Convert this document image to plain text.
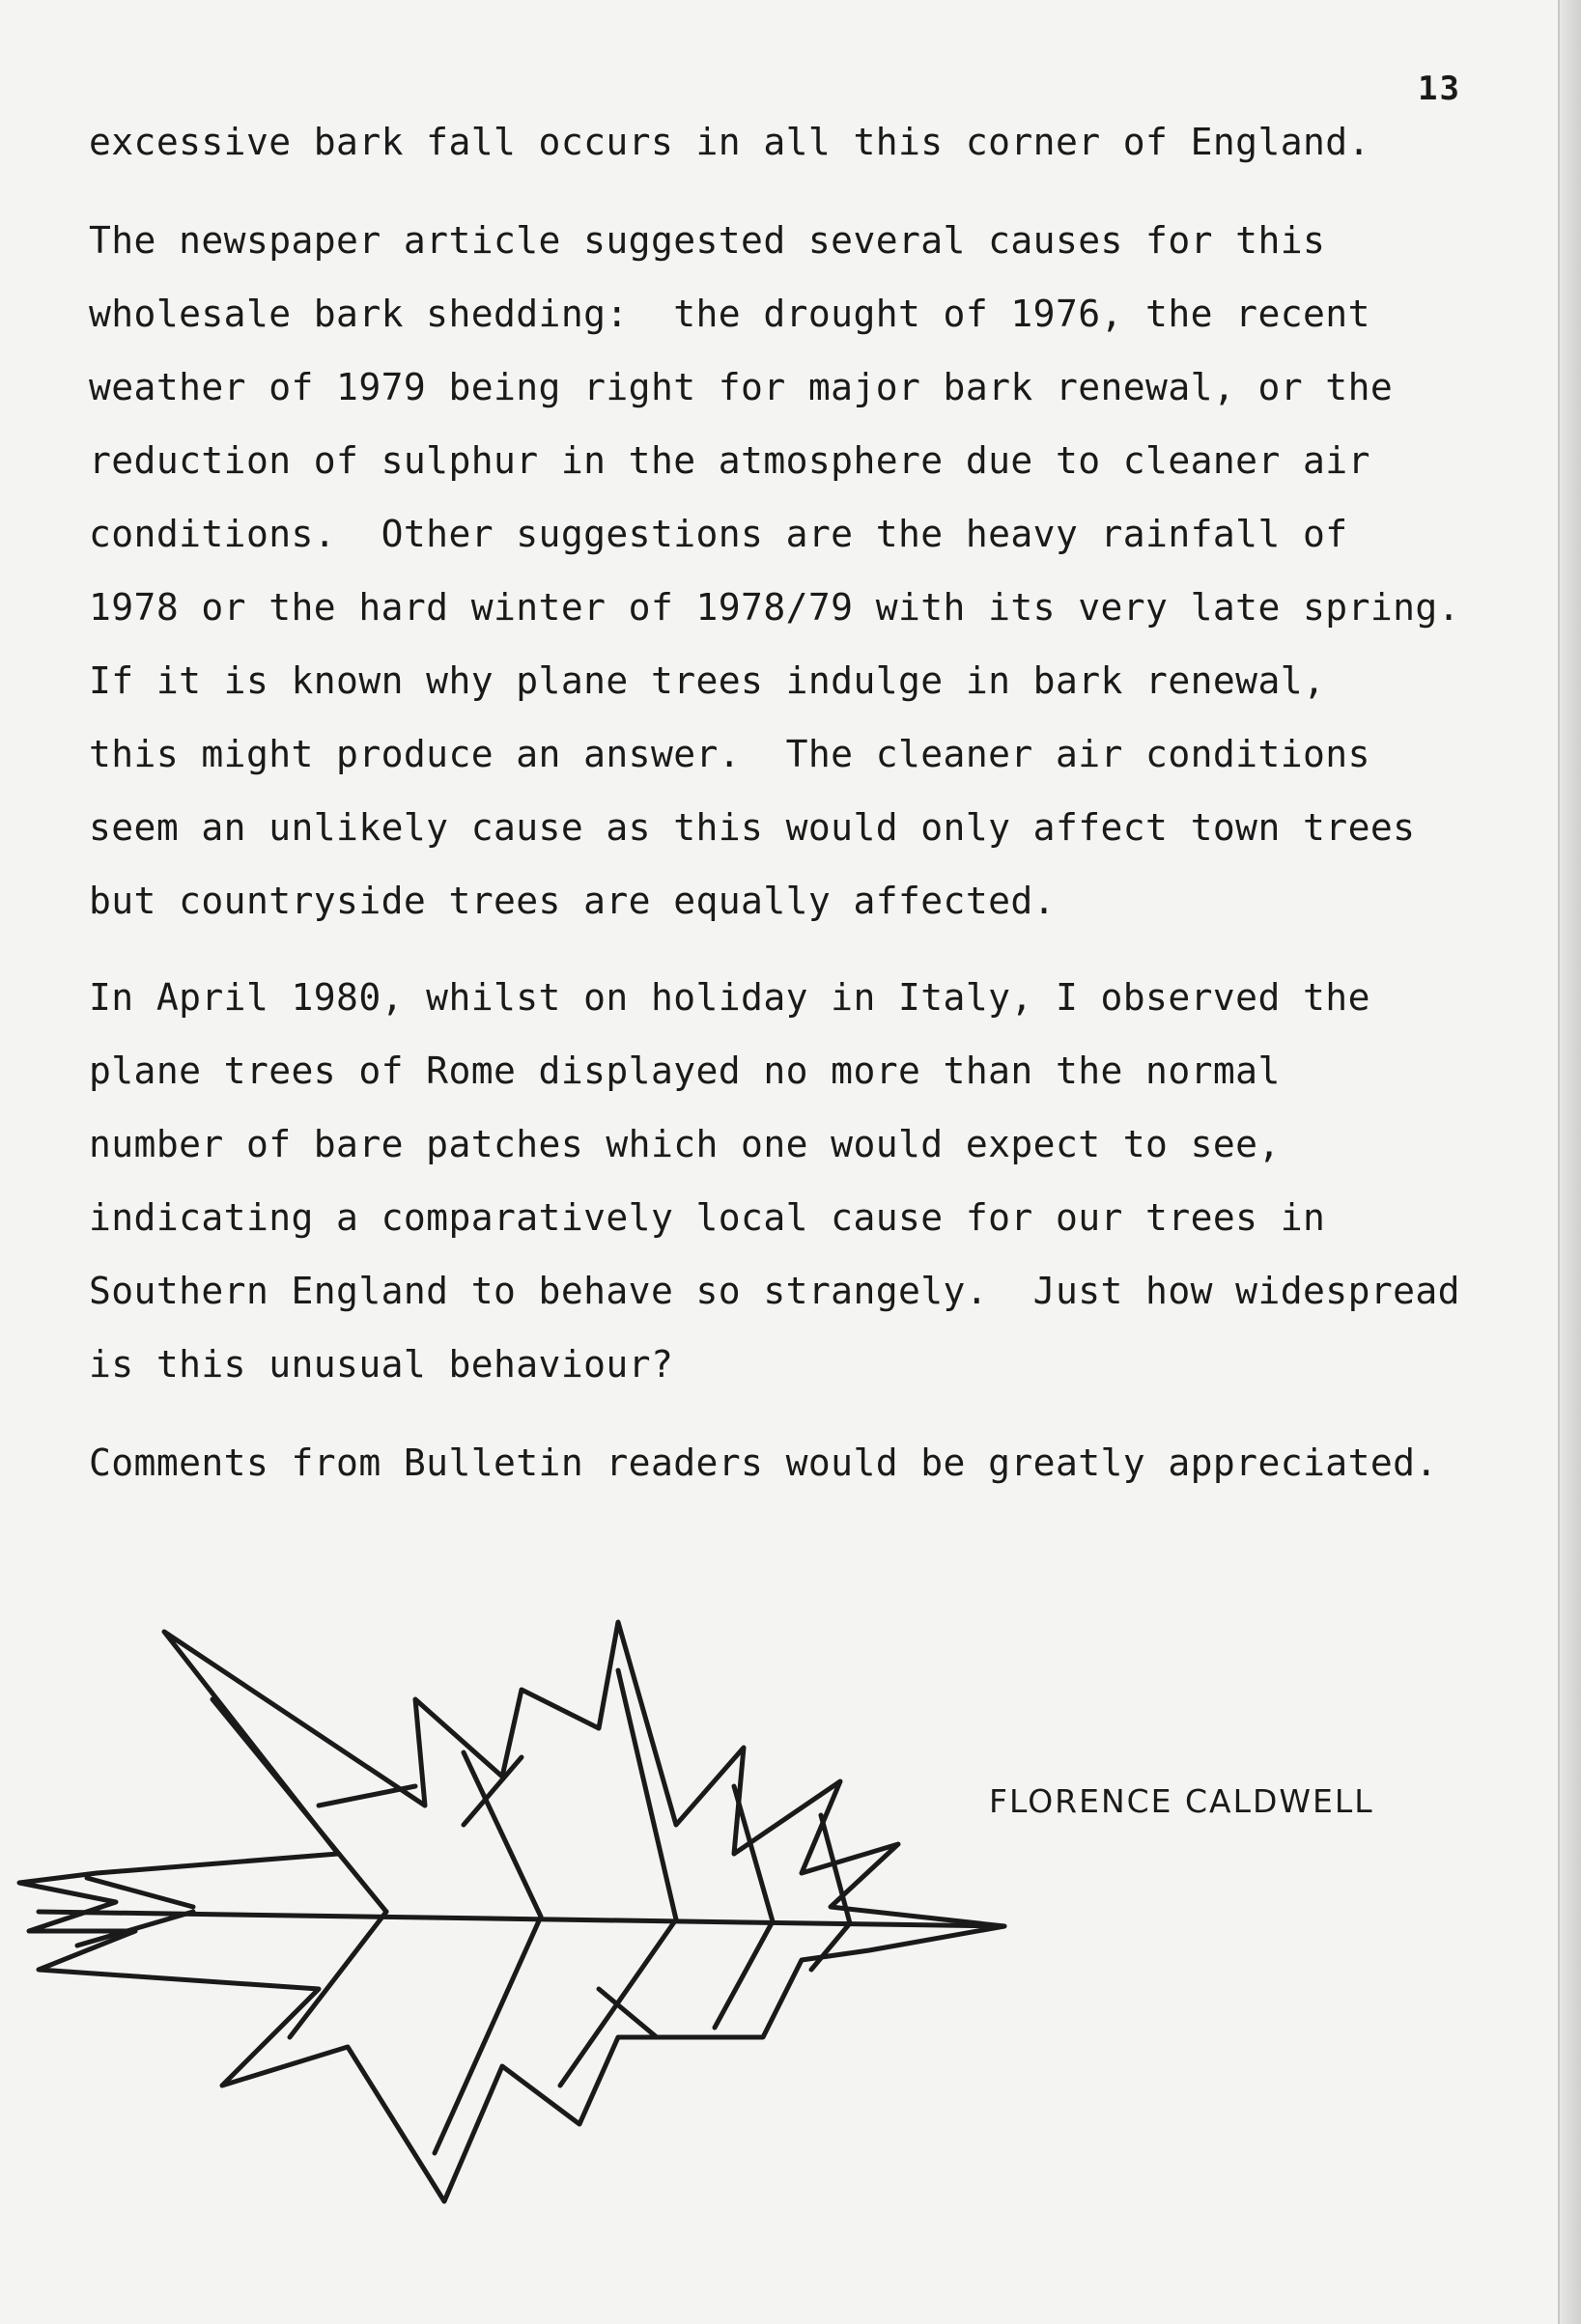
13
excessive bark fall occurs in all this corner of England.
The newspaper article suggested several causes for this
wholesale bark shedding:  the drought of 1976, the recent
weather of 1979 being right for major bark renewal, or the
reduction of sulphur in the atmosphere due to cleaner air
conditions.  Other suggestions are the heavy rainfall of
1978 or the hard winter of 1978/79 with its very late spring.
If it is known why plane trees indulge in bark renewal,
this might produce an answer.  The cleaner air conditions
seem an unlikely cause as this would only affect town trees
but countryside trees are equally affected.
In April 1980, whilst on holiday in Italy, I observed the
plane trees of Rome displayed no more than the normal
number of bare patches which one would expect to see,
indicating a comparatively local cause for our trees in
Southern England to behave so strangely.  Just how widespread
is this unusual behaviour?
Comments from Bulletin readers would be greatly appreciated.
FLORENCE CALDWELL
